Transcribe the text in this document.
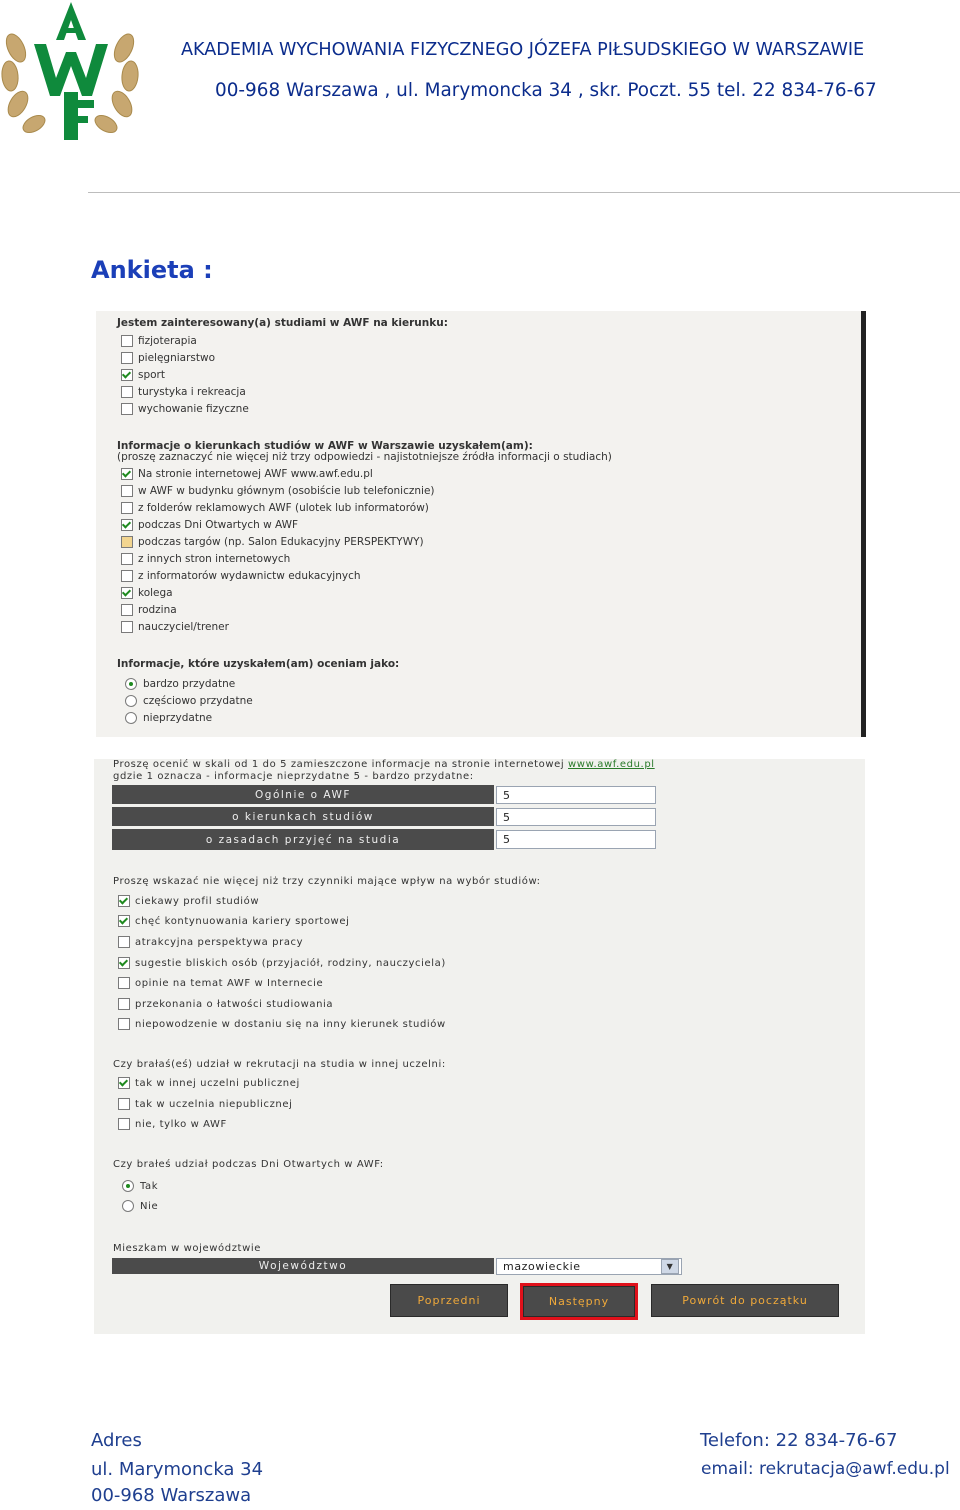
AKADEMIA WYCHOWANIA FIZYCZNEGO JÓZEFA PIŁSUDSKIEGO W WARSZAWIE
00-968 Warszawa , ul. Marymoncka 34 , skr. Poczt. 55 tel. 22 834-76-67
Ankieta :
Jestem zainteresowany(a) studiami w AWF na kierunku:
fizjoterapia
pielęgniarstwo
sport
turystyka i rekreacja
wychowanie fizyczne
Informacje o kierunkach studiów w AWF w Warszawie uzyskałem(am):
(proszę zaznaczyć nie więcej niż trzy odpowiedzi - najistotniejsze źródła informacji o studiach)
Na stronie internetowej AWF www.awf.edu.pl
w AWF w budynku głównym (osobiście lub telefonicznie)
z folderów reklamowych AWF (ulotek lub informatorów)
podczas Dni Otwartych w AWF
podczas targów (np. Salon Edukacyjny PERSPEKTYWY)
z innych stron internetowych
z informatorów wydawnictw edukacyjnych
kolega
rodzina
nauczyciel/trener
Informacje, które uzyskałem(am) oceniam jako:
bardzo przydatne
częściowo przydatne
nieprzydatne
Proszę ocenić w skali od 1 do 5 zamieszczone informacje na stronie internetowej
www.awf.edu.pl
gdzie 1 oznacza - informacje nieprzydatne 5 - bardzo przydatne:
Ogólnie o AWF	5
o kierunkach studiów	5
o zasadach przyjęć na studia	5
Proszę wskazać nie więcej niż trzy czynniki mające wpływ na wybór studiów:
ciekawy profil studiów
chęć kontynuowania kariery sportowej
atrakcyjna perspektywa pracy
sugestie bliskich osób (przyjaciół, rodziny, nauczyciela)
opinie na temat AWF w Internecie
przekonania o łatwości studiowania
niepowodzenie w dostaniu się na inny kierunek studiów
Czy brałaś(eś) udział w rekrutacji na studia w innej uczelni:
tak w innej uczelni publicznej
tak w uczelnia niepublicznej
nie, tylko w AWF
Czy brałeś udział podczas Dni Otwartych w AWF:
Tak
Nie
Mieszkam w województwie
Województwo	mazowieckie	▼
Poprzedni	Następny	Powrót do początku
Adres
ul. Marymoncka 34
00-968 Warszawa
Telefon: 22 834-76-67
email: rekrutacja@awf.edu.pl
